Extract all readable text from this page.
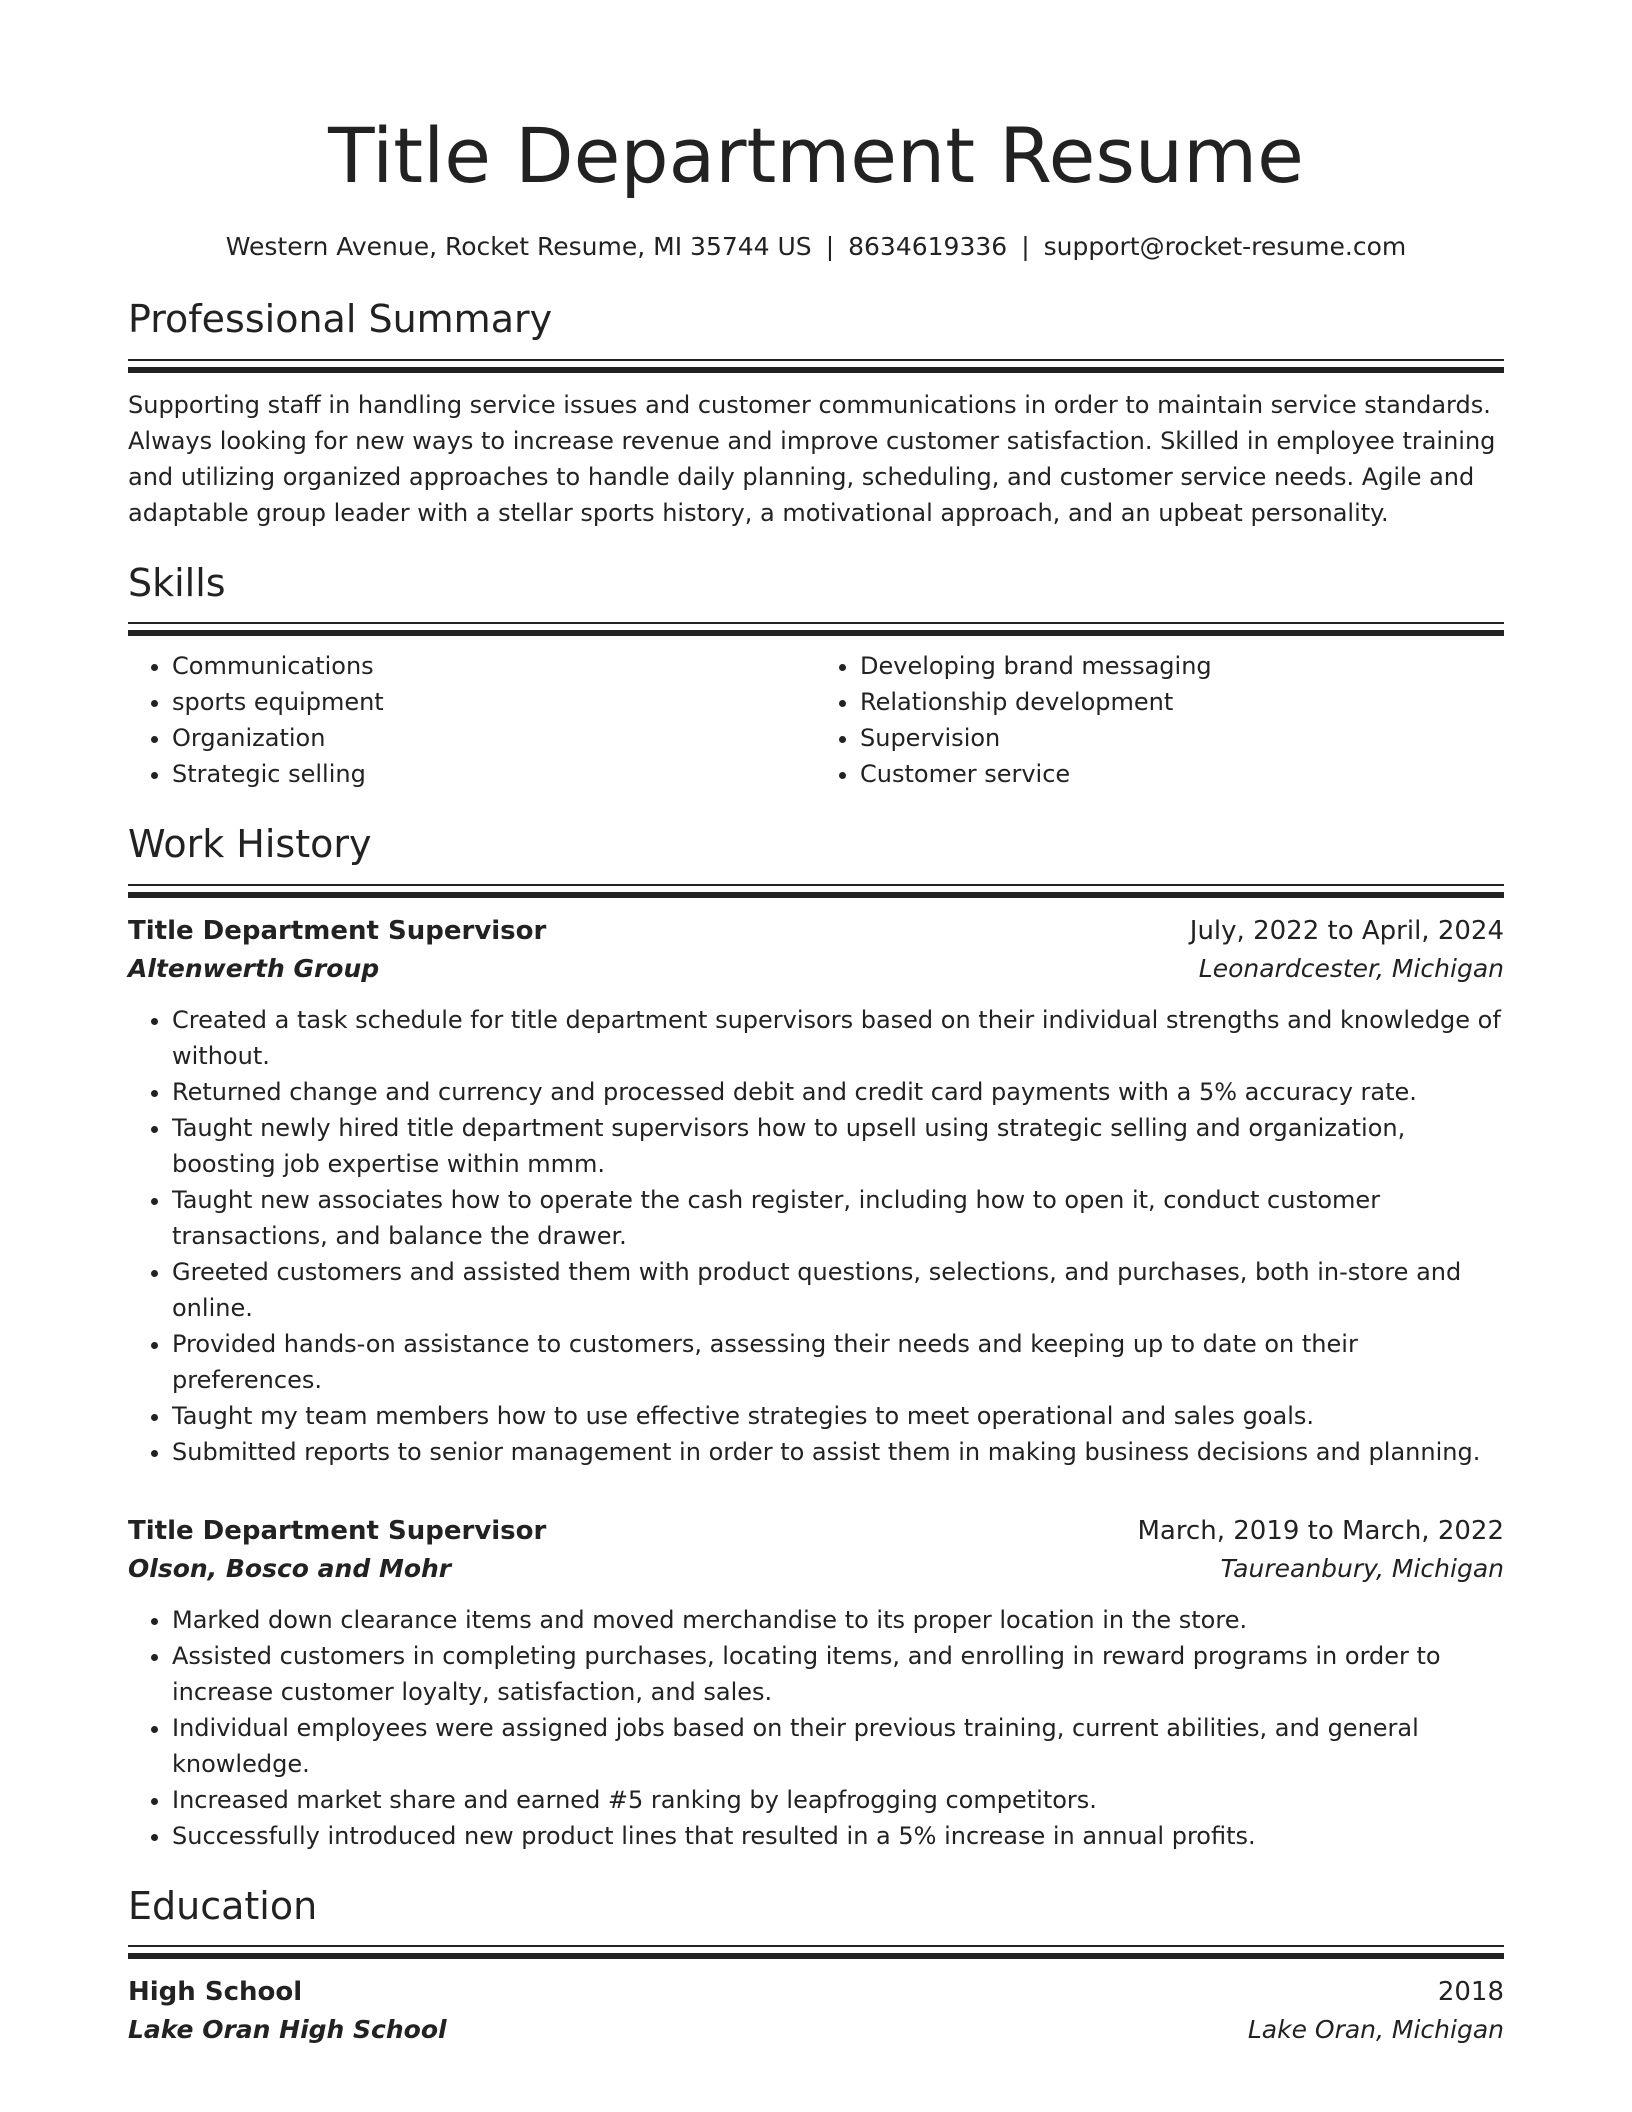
Title Department Resume
Western Avenue, Rocket Resume, MI 35744 US | 8634619336 | support@rocket-resume.com
Professional Summary

Supporting staff in handling service issues and customer communications in order to maintain service standards. Always looking for new ways to increase revenue and improve customer satisfaction. Skilled in employee training and utilizing organized approaches to handle daily planning, scheduling, and customer service needs. Agile and adaptable group leader with a stellar sports history, a motivational approach, and an upbeat personality.

Skills
• Communications
• sports equipment
• Organization
• Strategic selling
• Developing brand messaging
• Relationship development
• Supervision
• Customer service
Work History
Title Department Supervisor	July, 2022 to April, 2024
Altenwerth Group	Leonardcester, Michigan
• Created a task schedule for title department supervisors based on their individual strengths and knowledge of without.
• Returned change and currency and processed debit and credit card payments with a 5% accuracy rate.
• Taught newly hired title department supervisors how to upsell using strategic selling and organization, boosting job expertise within mmm.
• Taught new associates how to operate the cash register, including how to open it, conduct customer transactions, and balance the drawer.
• Greeted customers and assisted them with product questions, selections, and purchases, both in-store and online.
• Provided hands-on assistance to customers, assessing their needs and keeping up to date on their preferences.
• Taught my team members how to use effective strategies to meet operational and sales goals.
• Submitted reports to senior management in order to assist them in making business decisions and planning.
Title Department Supervisor	March, 2019 to March, 2022
Olson, Bosco and Mohr	Taureanbury, Michigan
• Marked down clearance items and moved merchandise to its proper location in the store.
• Assisted customers in completing purchases, locating items, and enrolling in reward programs in order to increase customer loyalty, satisfaction, and sales.
• Individual employees were assigned jobs based on their previous training, current abilities, and general knowledge.
• Increased market share and earned #5 ranking by leapfrogging competitors.
• Successfully introduced new product lines that resulted in a 5% increase in annual profits.
Education
High School	2018
Lake Oran High School	Lake Oran, Michigan
